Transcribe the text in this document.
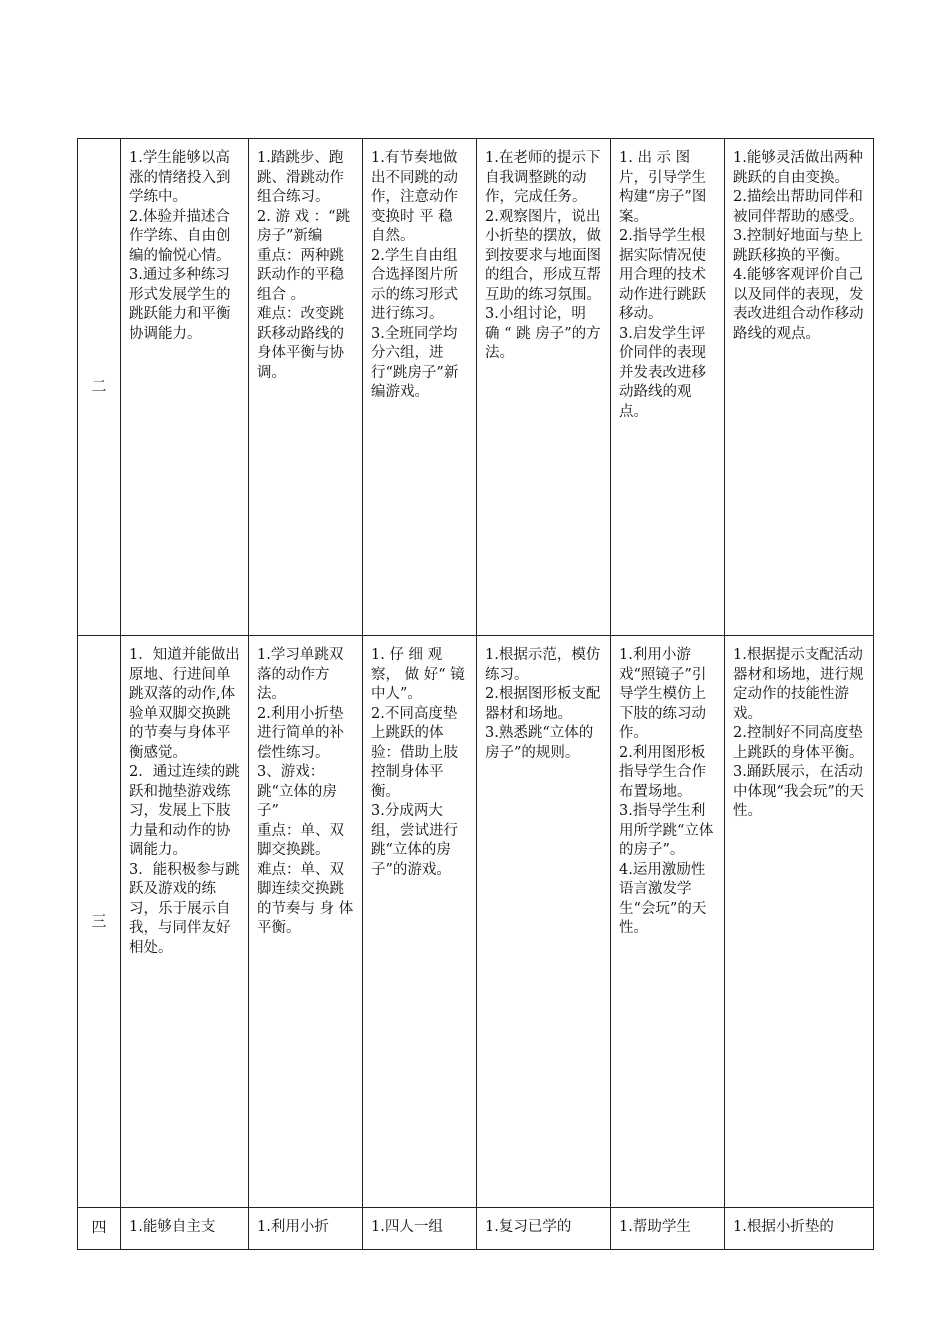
二	1.学生能够以高涨的情绪投入到学练中。
2.体验并描述合作学练、自由创编的愉悦心情。
3.通过多种练习形式发展学生的跳跃能力和平衡协调能力。	1.踏跳步、跑跳、滑跳动作组合练习。
2. 游 戏 ：“跳房子”新编
重点：两种跳跃动作的平稳组合 。
难点：改变跳跃移动路线的身体平衡与协调。	1.有节奏地做出不同跳的动作，注意动作变换时 平 稳 自然。
2.学生自由组合选择图片所示的练习形式进行练习。
3.全班同学均分六组，进行“跳房子”新编游戏。	1.在老师的提示下自我调整跳的动作，完成任务。
2.观察图片，说出小折垫的摆放，做到按要求与地面图的组合，形成互帮互助的练习氛围。
3.小组讨论，明 确 “ 跳 房子”的方法。	1. 出 示 图片，引导学生构建“房子”图案。
2.指导学生根据实际情况使用合理的技术动作进行跳跃移动。
3.启发学生评价同伴的表现并发表改进移动路线的观点。	1.能够灵活做出两种跳跃的自由变换。
2.描绘出帮助同伴和被同伴帮助的感受。
3.控制好地面与垫上跳跃移换的平衡。
4.能够客观评价自己以及同伴的表现，发表改进组合动作移动路线的观点。

三	1．知道并能做出原地、行进间单跳双落的动作,体验单双脚交换跳的节奏与身体平衡感觉。
2．通过连续的跳跃和抛垫游戏练习，发展上下肢力量和动作的协调能力。
3．能积极参与跳跃及游戏的练习，乐于展示自我，与同伴友好相处。	1.学习单跳双落的动作方法。
2.利用小折垫进行简单的补偿性练习。
3、游戏：跳“立体的房子”
重点：单、双脚交换跳。
难点：单、双脚连续交换跳的节奏与 身 体 平衡。	1. 仔 细 观察， 做 好“ 镜 中人”。
2.不同高度垫上跳跃的体验：借助上肢控制身体平衡。
3.分成两大组，尝试进行跳“立体的房子”的游戏。	1.根据示范，模仿练习。
2.根据图形板支配器材和场地。
3.熟悉跳“立体的房子”的规则。	1.利用小游戏“照镜子”引导学生模仿上下肢的练习动作。
2.利用图形板指导学生合作布置场地。
3.指导学生利用所学跳“立体的房子”。
4.运用激励性语言激发学生“会玩”的天性。	1.根据提示支配活动器材和场地，进行规定动作的技能性游戏。
2.控制好不同高度垫上跳跃的身体平衡。
3.踊跃展示，在活动中体现“我会玩”的天性。

四	1.能够自主支	1.利用小折	1.四人一组	1.复习已学的	1.帮助学生	1.根据小折垫的
